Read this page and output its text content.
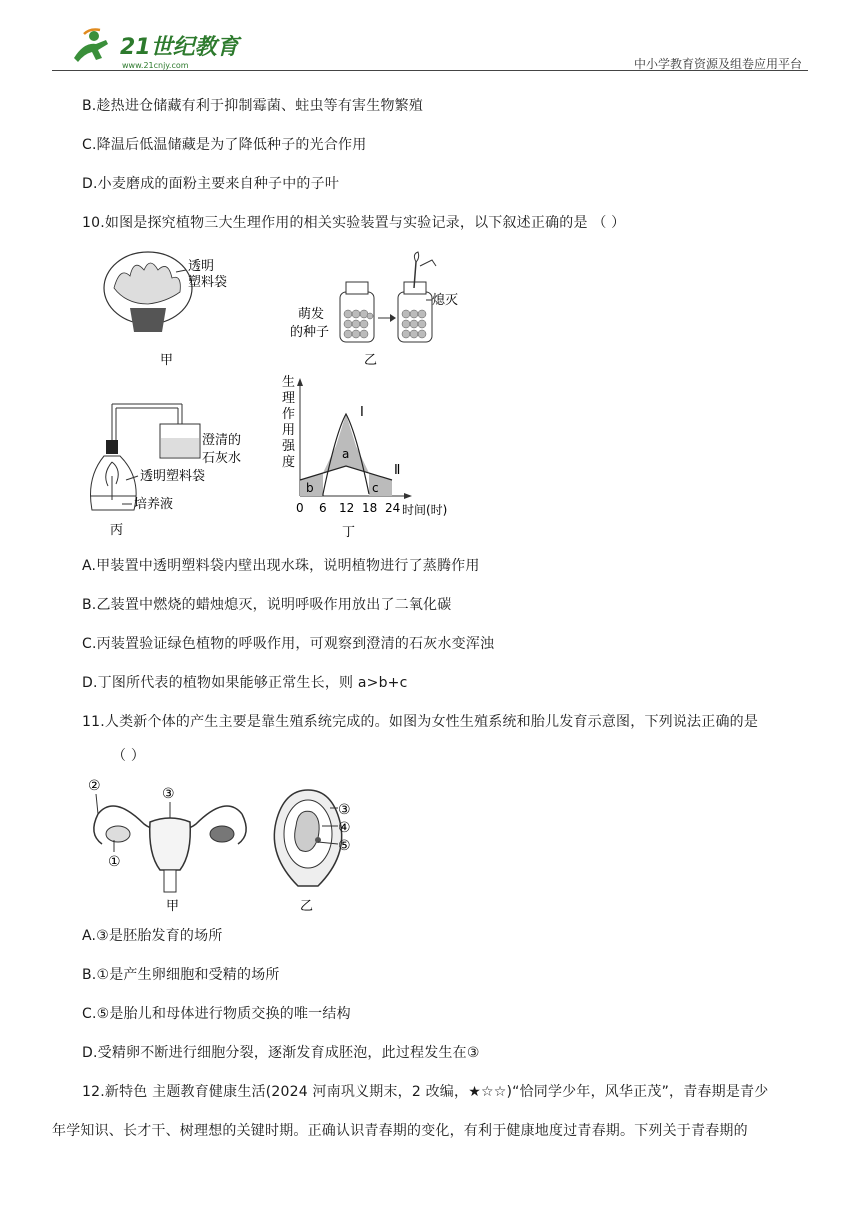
21世纪教育
www.21cnjy.com	中小学教育资源及组卷应用平台
B.趁热进仓储藏有利于抑制霉菌、蛀虫等有害生物繁殖
C.降温后低温储藏是为了降低种子的光合作用
D.小麦磨成的面粉主要来自种子中的子叶
10.如图是探究植物三大生理作用的相关实验装置与实验记录，以下叙述正确的是 （ ）
透明
塑料袋
甲
熄灭
萌发
的种子
乙
澄清的
石灰水
透明塑料袋
培养液
丙
生
理
作
用
强
度
I
Ⅱ
a
b	c
0 6 12 18 24 时间(时)
丁
A.甲装置中透明塑料袋内壁出现水珠，说明植物进行了蒸腾作用
B.乙装置中燃烧的蜡烛熄灭，说明呼吸作用放出了二氧化碳
C.丙装置验证绿色植物的呼吸作用，可观察到澄清的石灰水变浑浊
D.丁图所代表的植物如果能够正常生长，则 a>b+c
11.人类新个体的产生主要是靠生殖系统完成的。如图为女性生殖系统和胎儿发育示意图，下列说法正确的是
（ ）
②	③
①
甲
③
④
⑤
乙
A.③是胚胎发育的场所
B.①是产生卵细胞和受精的场所
C.⑤是胎儿和母体进行物质交换的唯一结构
D.受精卵不断进行细胞分裂，逐渐发育成胚泡，此过程发生在③
12.新特色 主题教育健康生活(2024 河南巩义期末，2 改编，★☆☆)“恰同学少年，风华正茂”，青春期是青少
年学知识、长才干、树理想的关键时期。正确认识青春期的变化，有利于健康地度过青春期。下列关于青春期的
